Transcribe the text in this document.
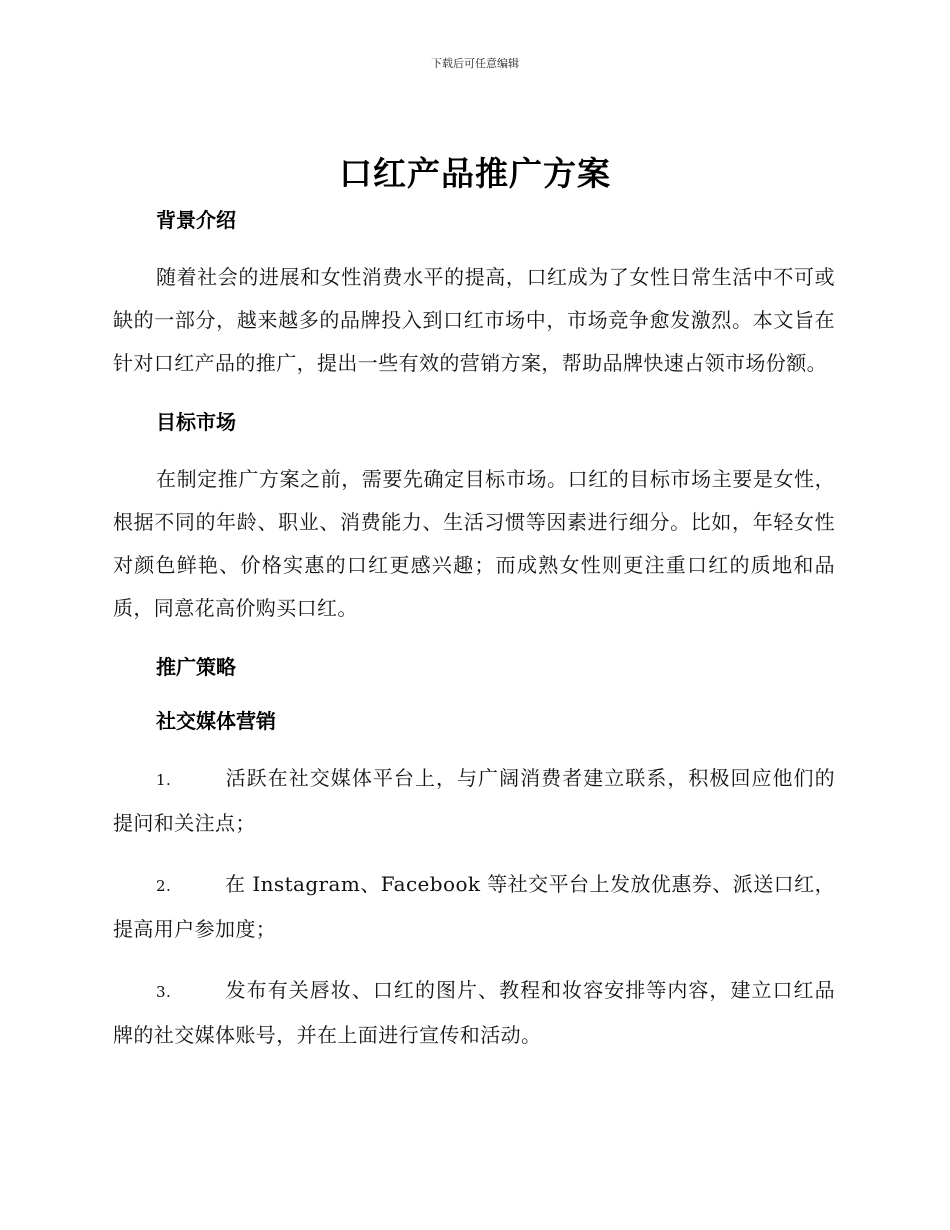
下载后可任意编辑
口红产品推广方案
背景介绍

随着社会的进展和女性消费水平的提高，口红成为了女性日常生活中不可或缺的一部分，越来越多的品牌投入到口红市场中，市场竞争愈发激烈。本文旨在针对口红产品的推广，提出一些有效的营销方案，帮助品牌快速占领市场份额。

目标市场

在制定推广方案之前，需要先确定目标市场。口红的目标市场主要是女性，根据不同的年龄、职业、消费能力、生活习惯等因素进行细分。比如，年轻女性对颜色鲜艳、价格实惠的口红更感兴趣；而成熟女性则更注重口红的质地和品质，同意花高价购买口红。

推广策略
社交媒体营销

1.	活跃在社交媒体平台上，与广阔消费者建立联系，积极回应他们的提问和关注点；

2.	在 Instagram、Facebook 等社交平台上发放优惠券、派送口红，提高用户参加度；

3.	发布有关唇妆、口红的图片、教程和妆容安排等内容，建立口红品牌的社交媒体账号，并在上面进行宣传和活动。
